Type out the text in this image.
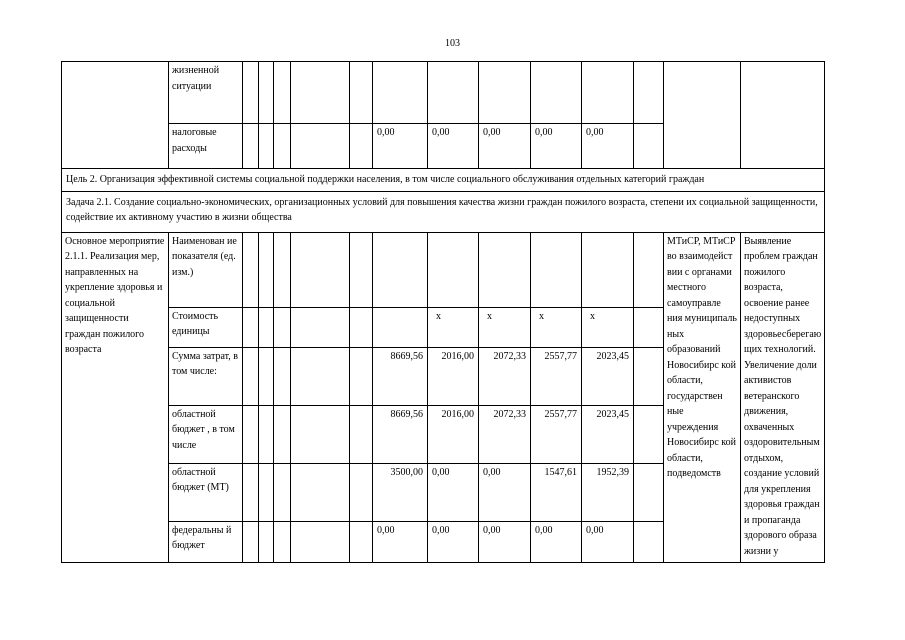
103
	жизненной ситуации													
	налоговые расходы						0,00	0,00	0,00	0,00	0,00			
Цель 2. Организация эффективной системы социальной поддержки населения, в том числе социального обслуживания отдельных категорий граждан														
Задача 2.1. Создание социально-экономических, организационных условий для повышения качества жизни граждан пожилого возраста, степени их социальной защищенности, содействие их активному участию в жизни общества														
Основное мероприятие 2.1.1. Реализация мер, направленных на укрепление здоровья и социальной защищенности граждан пожилого возраста	Наименован ие показателя (ед. изм.)												МТиСР, МТиСР во взаимодейст вии с органами местного самоуправле ния муниципаль ных образований Новосибирс кой области, государствен ные учреждения Новосибирс кой области, подведомств	Выявление проблем граждан пожилого возраста, освоение ранее недоступных здоровьесберегаю щих технологий. Увеличение доли активистов ветеранского движения, охваченных оздоровительным отдыхом, создание условий для укрепления здоровья граждан и пропаганда здорового образа жизни у
	Стоимость единицы							х	х	х	х			
	Сумма затрат, в том числе:						8669,56	2016,00	2072,33	2557,77	2023,45			
	областной бюджет , в том числе						8669,56	2016,00	2072,33	2557,77	2023,45			
	областной бюджет (МТ)						3500,00	0,00	0,00	1547,61	1952,39			
	федеральны й бюджет						0,00	0,00	0,00	0,00	0,00			
